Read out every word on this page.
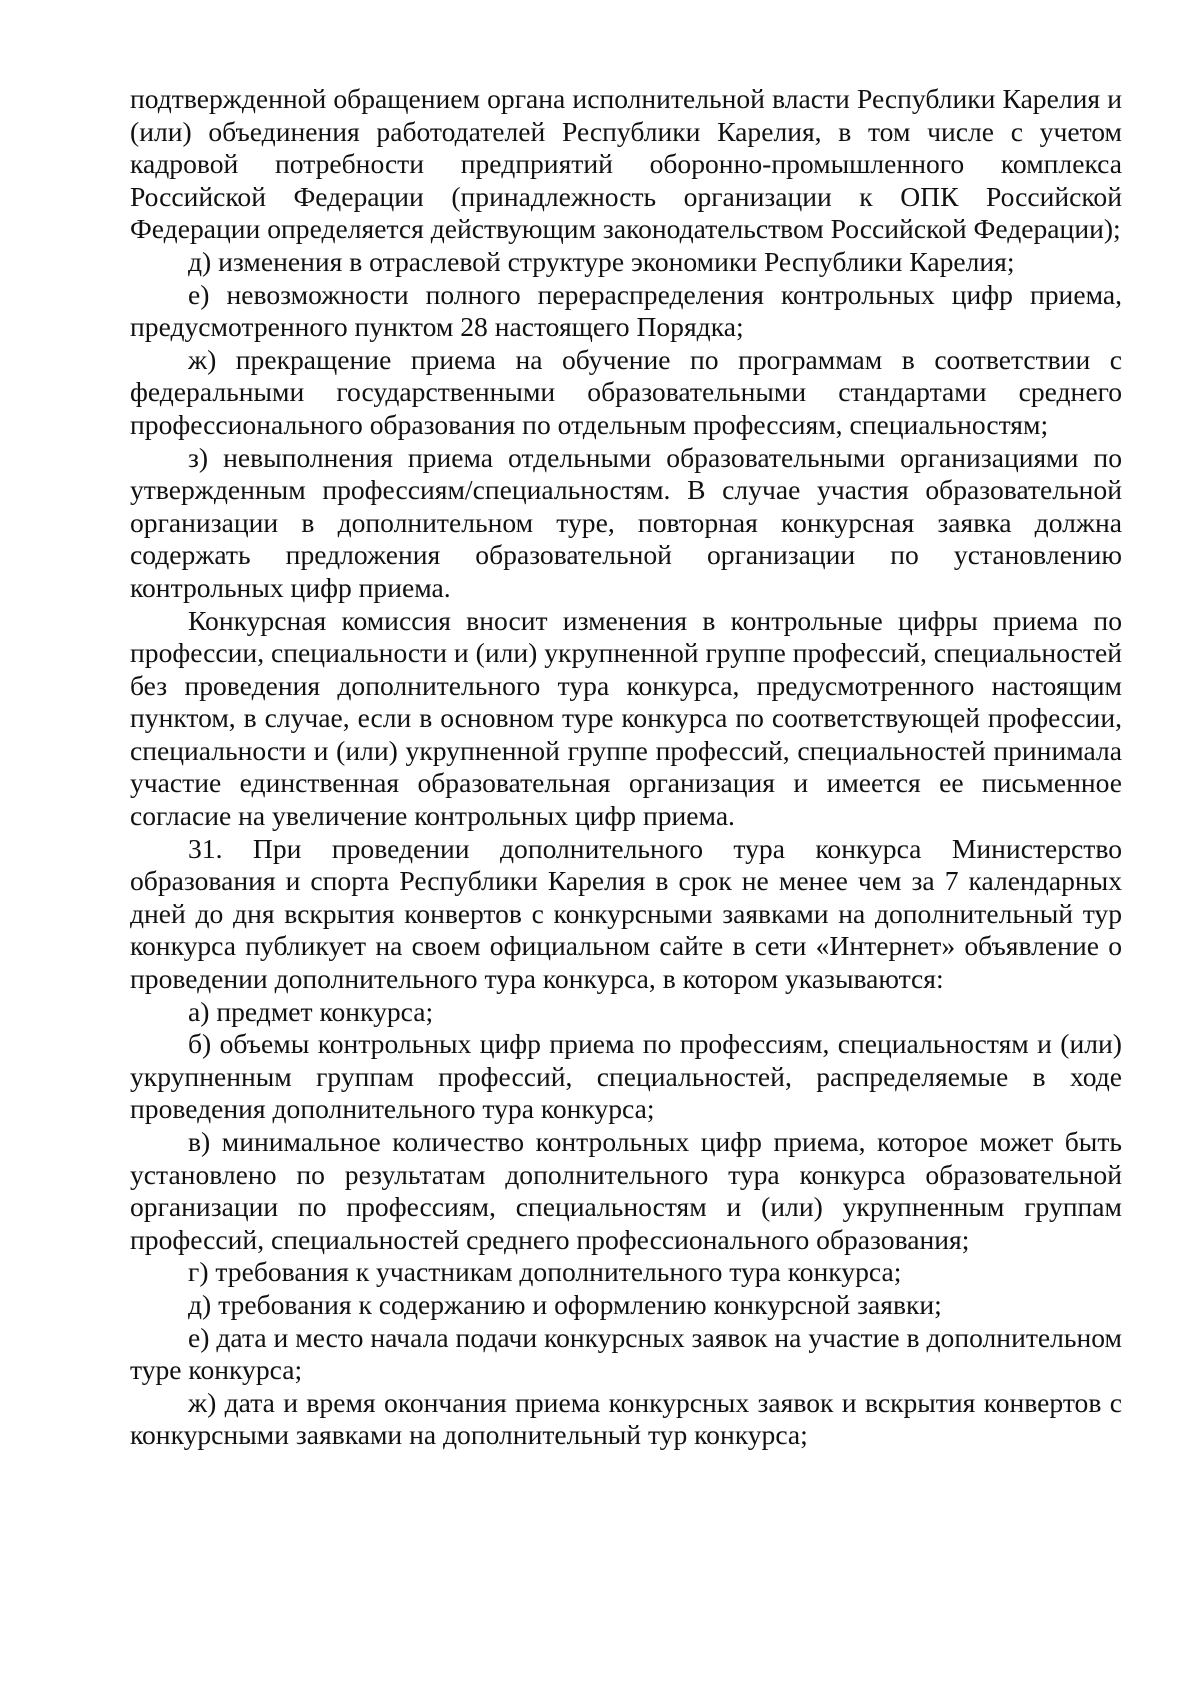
подтвержденной обращением органа исполнительной власти Республики Карелия и (или) объединения работодателей Республики Карелия, в том числе с учетом кадровой потребности предприятий оборонно-промышленного комплекса Российской Федерации (принадлежность организации к ОПК Российской Федерации определяется действующим законодательством Российской Федерации);

д) изменения в отраслевой структуре экономики Республики Карелия;

е) невозможности полного перераспределения контрольных цифр приема, предусмотренного пунктом 28 настоящего Порядка;

ж) прекращение приема на обучение по программам в соответствии с федеральными государственными образовательными стандартами среднего профессионального образования по отдельным профессиям, специальностям;

з) невыполнения приема отдельными образовательными организациями по утвержденным профессиям/специальностям. В случае участия образовательной организации в дополнительном туре, повторная конкурсная заявка должна содержать предложения образовательной организации по установлению контрольных цифр приема.

Конкурсная комиссия вносит изменения в контрольные цифры приема по профессии, специальности и (или) укрупненной группе профессий, специальностей без проведения дополнительного тура конкурса, предусмотренного настоящим пунктом, в случае, если в основном туре конкурса по соответствующей профессии, специальности и (или) укрупненной группе профессий, специальностей принимала участие единственная образовательная организация и имеется ее письменное согласие на увеличение контрольных цифр приема.

31. При проведении дополнительного тура конкурса Министерство образования и спорта Республики Карелия в срок не менее чем за 7 календарных дней до дня вскрытия конвертов с конкурсными заявками на дополнительный тур конкурса публикует на своем официальном сайте в сети «Интернет» объявление о проведении дополнительного тура конкурса, в котором указываются:

а) предмет конкурса;

б) объемы контрольных цифр приема по профессиям, специальностям и (или) укрупненным группам профессий, специальностей, распределяемые в ходе проведения дополнительного тура конкурса;

в) минимальное количество контрольных цифр приема, которое может быть установлено по результатам дополнительного тура конкурса образовательной организации по профессиям, специальностям и (или) укрупненным группам профессий, специальностей среднего профессионального образования;

г) требования к участникам дополнительного тура конкурса;

д) требования к содержанию и оформлению конкурсной заявки;

е) дата и место начала подачи конкурсных заявок на участие в дополнительном туре конкурса;

ж) дата и время окончания приема конкурсных заявок и вскрытия конвертов с конкурсными заявками на дополнительный тур конкурса;
